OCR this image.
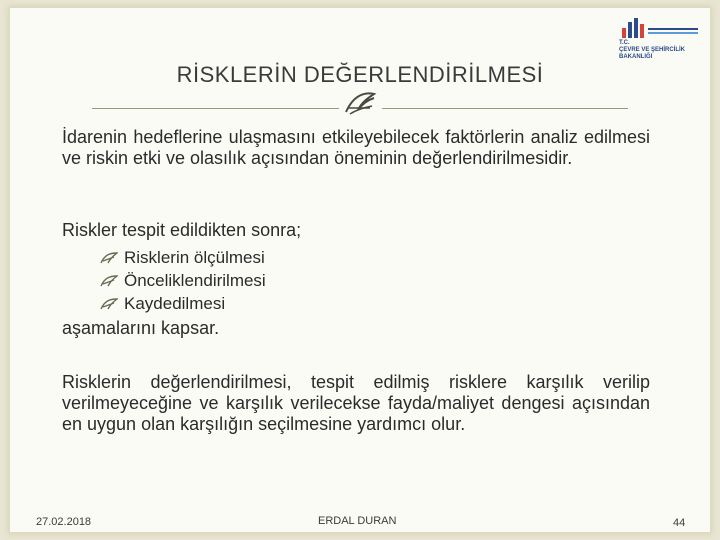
T.C.
ÇEVRE VE ŞEHİRCİLİK
BAKANLIĞI
RİSKLERİN DEĞERLENDİRİLMESİ
İdarenin hedeflerine ulaşmasını etkileyebilecek faktörlerin analiz edilmesi ve riskin etki ve olasılık açısından öneminin değerlendirilmesidir.
Riskler tespit edildikten sonra;
Risklerin ölçülmesi
Önceliklendirilmesi
Kaydedilmesi
aşamalarını kapsar.
Risklerin değerlendirilmesi, tespit edilmiş risklere karşılık verilip verilmeyeceğine ve karşılık verilecekse fayda/maliyet dengesi açısından en uygun olan karşılığın seçilmesine yardımcı olur.
27.02.2018	ERDAL DURAN	44
